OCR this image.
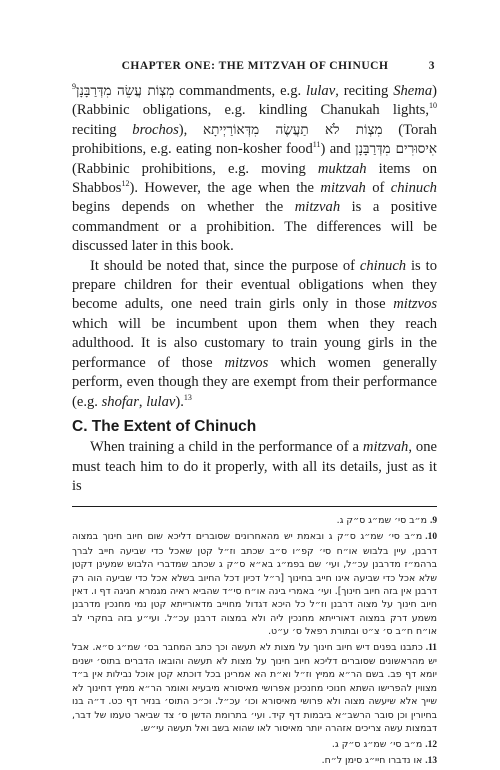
CHAPTER ONE: THE MITZVAH OF CHINUCH	3

מִצְוֹת עֲשֵׂה מִדְּרַבָּנָן$^9$	commandments, e.g. lulav, reciting Shema) (Rabbinic obligations, e.g. kindling Chanukah lights,$^{10}$ reciting brochos), מִצְוֹת לֹא תַעֲשֶׂה מִדְּאוֹרַיְיתָא (Torah prohibitions, e.g. eating non-kosher food$^{11}$) and אִיסוּרִים מִדְּרַבָּנָן (Rabbinic prohibitions, e.g. moving muktzah items on Shabbos$^{12}$). However, the age when the mitzvah of chinuch begins depends on whether the mitzvah is a positive commandment or a prohibition. The differences will be discussed later in this book.

It should be noted that, since the purpose of chinuch is to prepare children for their eventual obligations when they become adults, one need train girls only in those mitzvos which will be incumbent upon them when they reach adulthood. It is also customary to train young girls in the performance of those mitzvos which women generally perform, even though they are exempt from their performance (e.g. shofar, lulav).$^{13}$

C. The Extent of Chinuch

When training a child in the performance of a mitzvah, one must teach him to do it properly, with all its details, just as it is

9.מ״ב סי׳ שמ״ג ס״ק ג.
10.מ״ב סי׳ שמ״ג ס״ק ג ובאמת יש מהאחרונים שסוברים דליכא שום חיוב חינוך במצוה דרבנן, עיין בלבוש או״ח סי׳ קפ״ו ס״ב שכתב וז״ל קטן שאכל כדי שביעה חייב לברך ברהמ״ז מדרבנן עכ״ל, ועי׳ שם בפמ״ג בא״א ס״ק ג שכתב שמדברי הלבוש שמעינן דקטן שלא אכל כדי שביעה אינו חייב בחינוך [ר״ל דכיון דכל החיוב בשלא אכל כדי שביעה הוה רק דרבנן אין בזה חיוב חינוך]. ועי׳ באמרי בינה או״ח סי״ד שהביא ראיה מגמרא חגיגה דף ו. דאין חיוב חינוך על מצוה דרבנן וז״ל כל היכא דגדול מחוייב מדאורייתא קטן נמי מחנכין מדרבנן משמע דרק במצוה דאורייתא מחנכין ליה ולא במצוה דרבנן עכ״ל. ועי״ע בזה בחקרי לב או״ח ח״ב ס׳ צ״ט ובתורת רפאל ס׳ ע״ט.
11.כתבנו בפנים דיש חיוב חינוך על מצות לא תעשה וכך כתב המחבר בס׳ שמ״ג ס״א. אבל יש מהראשונים שסוברים דליכא חיוב חינוך על מצות לא תעשה והובאו הדברים בתוס׳ ישנים יומא דף פב. בשם הר״א ממיץ וז״ל וא״ת הא אמרינן בכל דוכתא קטן אוכל נבילות אין ב״ד מצווין להפרישו השתא חנוכי מחנכינן אפרושי מאיסורא מיבעיא ואומר הר״א ממיץ דחינוך לא שייך אלא שיעשה מצוה ולא פרושי מאיסורא וכו׳ עכ״ל. וכ״כ התוס׳ בנזיר דף כט. ד״ה בנו בחיורין וכן סובר הרשב״א ביבמות דף קיד. ועי׳ בתרומת הדשן ס׳ צד שביאר טעמו של דבר, דבמצות עשה צריכים אזהרה יותר מאיסור לאו שהוא בשב ואל תעשה עי״ש.
12.מ״ב סי׳ שמ״ג ס״ק ג.
13.או נדברו חיי״ג סימן ל״ח.
